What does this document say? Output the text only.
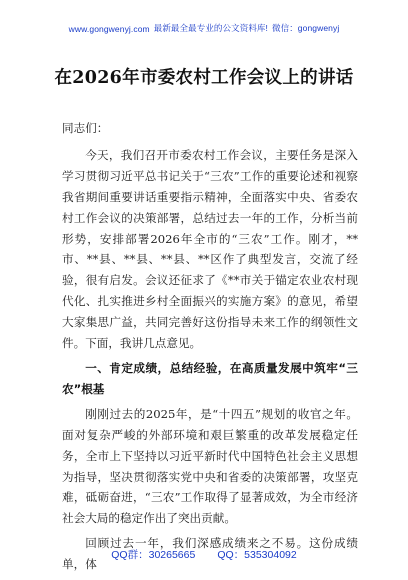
www.gongwenyj.com 最新最全最专业的公文资料库! 微信：gongwenyj
在2026年市委农村工作会议上的讲话

同志们：

今天，我们召开市委农村工作会议，主要任务是深入学习贯彻习近平总书记关于“三农”工作的重要论述和视察我省期间重要讲话重要指示精神，全面落实中央、省委农村工作会议的决策部署，总结过去一年的工作，分析当前形势，安排部署2026年全市的“三农”工作。刚才，**市、**县、**县、**县、**区作了典型发言，交流了经验，很有启发。会议还征求了《**市关于锚定农业农村现代化、扎实推进乡村全面振兴的实施方案》的意见，希望大家集思广益，共同完善好这份指导未来工作的纲领性文件。下面，我讲几点意见。

一、肯定成绩，总结经验，在高质量发展中筑牢“三农”根基

刚刚过去的2025年，是“十四五”规划的收官之年。面对复杂严峻的外部环境和艰巨繁重的改革发展稳定任务，全市上下坚持以习近平新时代中国特色社会主义思想为指导，坚决贯彻落实党中央和省委的决策部署，攻坚克难，砥砺奋进，“三农”工作取得了显著成效，为全市经济社会大局的稳定作出了突出贡献。

回顾过去一年，我们深感成绩来之不易。这份成绩单，体

QQ群：30265665 QQ：535304092
